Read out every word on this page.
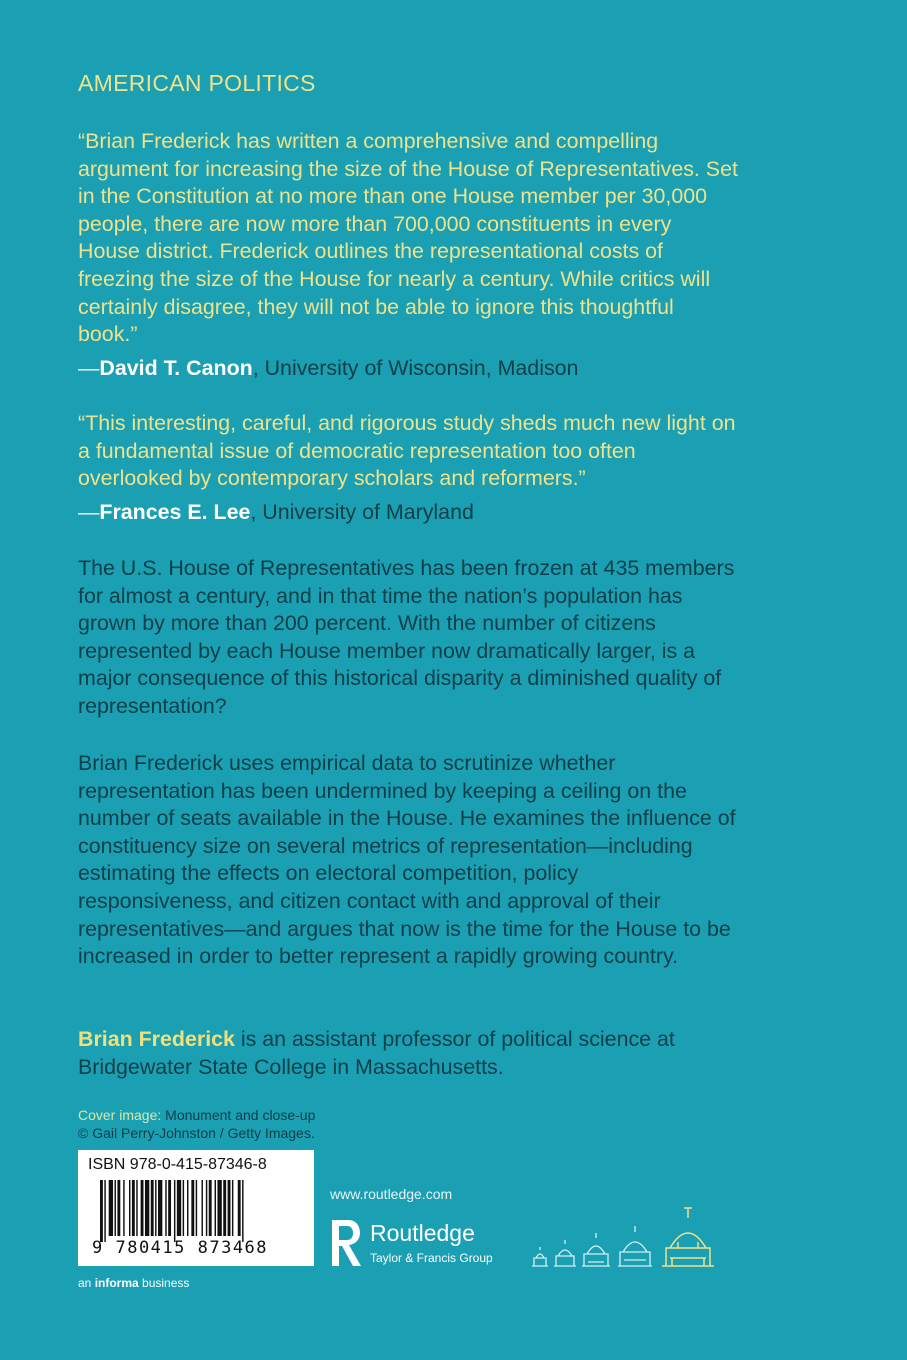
AMERICAN POLITICS
“Brian Frederick has written a comprehensive and compelling argument for increasing the size of the House of Representatives. Set in the Constitution at no more than one House member per 30,000 people, there are now more than 700,000 constituents in every House district. Frederick outlines the representational costs of freezing the size of the House for nearly a century. While critics will certainly disagree, they will not be able to ignore this thoughtful book.”
—David T. Canon, University of Wisconsin, Madison
“This interesting, careful, and rigorous study sheds much new light on a fundamental issue of democratic representation too often overlooked by contemporary scholars and reformers.”
—Frances E. Lee, University of Maryland
The U.S. House of Representatives has been frozen at 435 members for almost a century, and in that time the nation’s population has grown by more than 200 percent. With the number of citizens represented by each House member now dramatically larger, is a major consequence of this historical disparity a diminished quality of representation?
Brian Frederick uses empirical data to scrutinize whether representation has been undermined by keeping a ceiling on the number of seats available in the House. He examines the influence of constituency size on several metrics of representation—including estimating the effects on electoral competition, policy responsiveness, and citizen contact with and approval of their representatives—and argues that now is the time for the House to be increased in order to better represent a rapidly growing country.
Brian Frederick is an assistant professor of political science at Bridgewater State College in Massachusetts.
Cover image: Monument and close-up
© Gail Perry-Johnston / Getty Images.
ISBN 978-0-415-87346-8
9 780415 873468
an informa business
www.routledge.com
Routledge
Taylor & Francis Group
